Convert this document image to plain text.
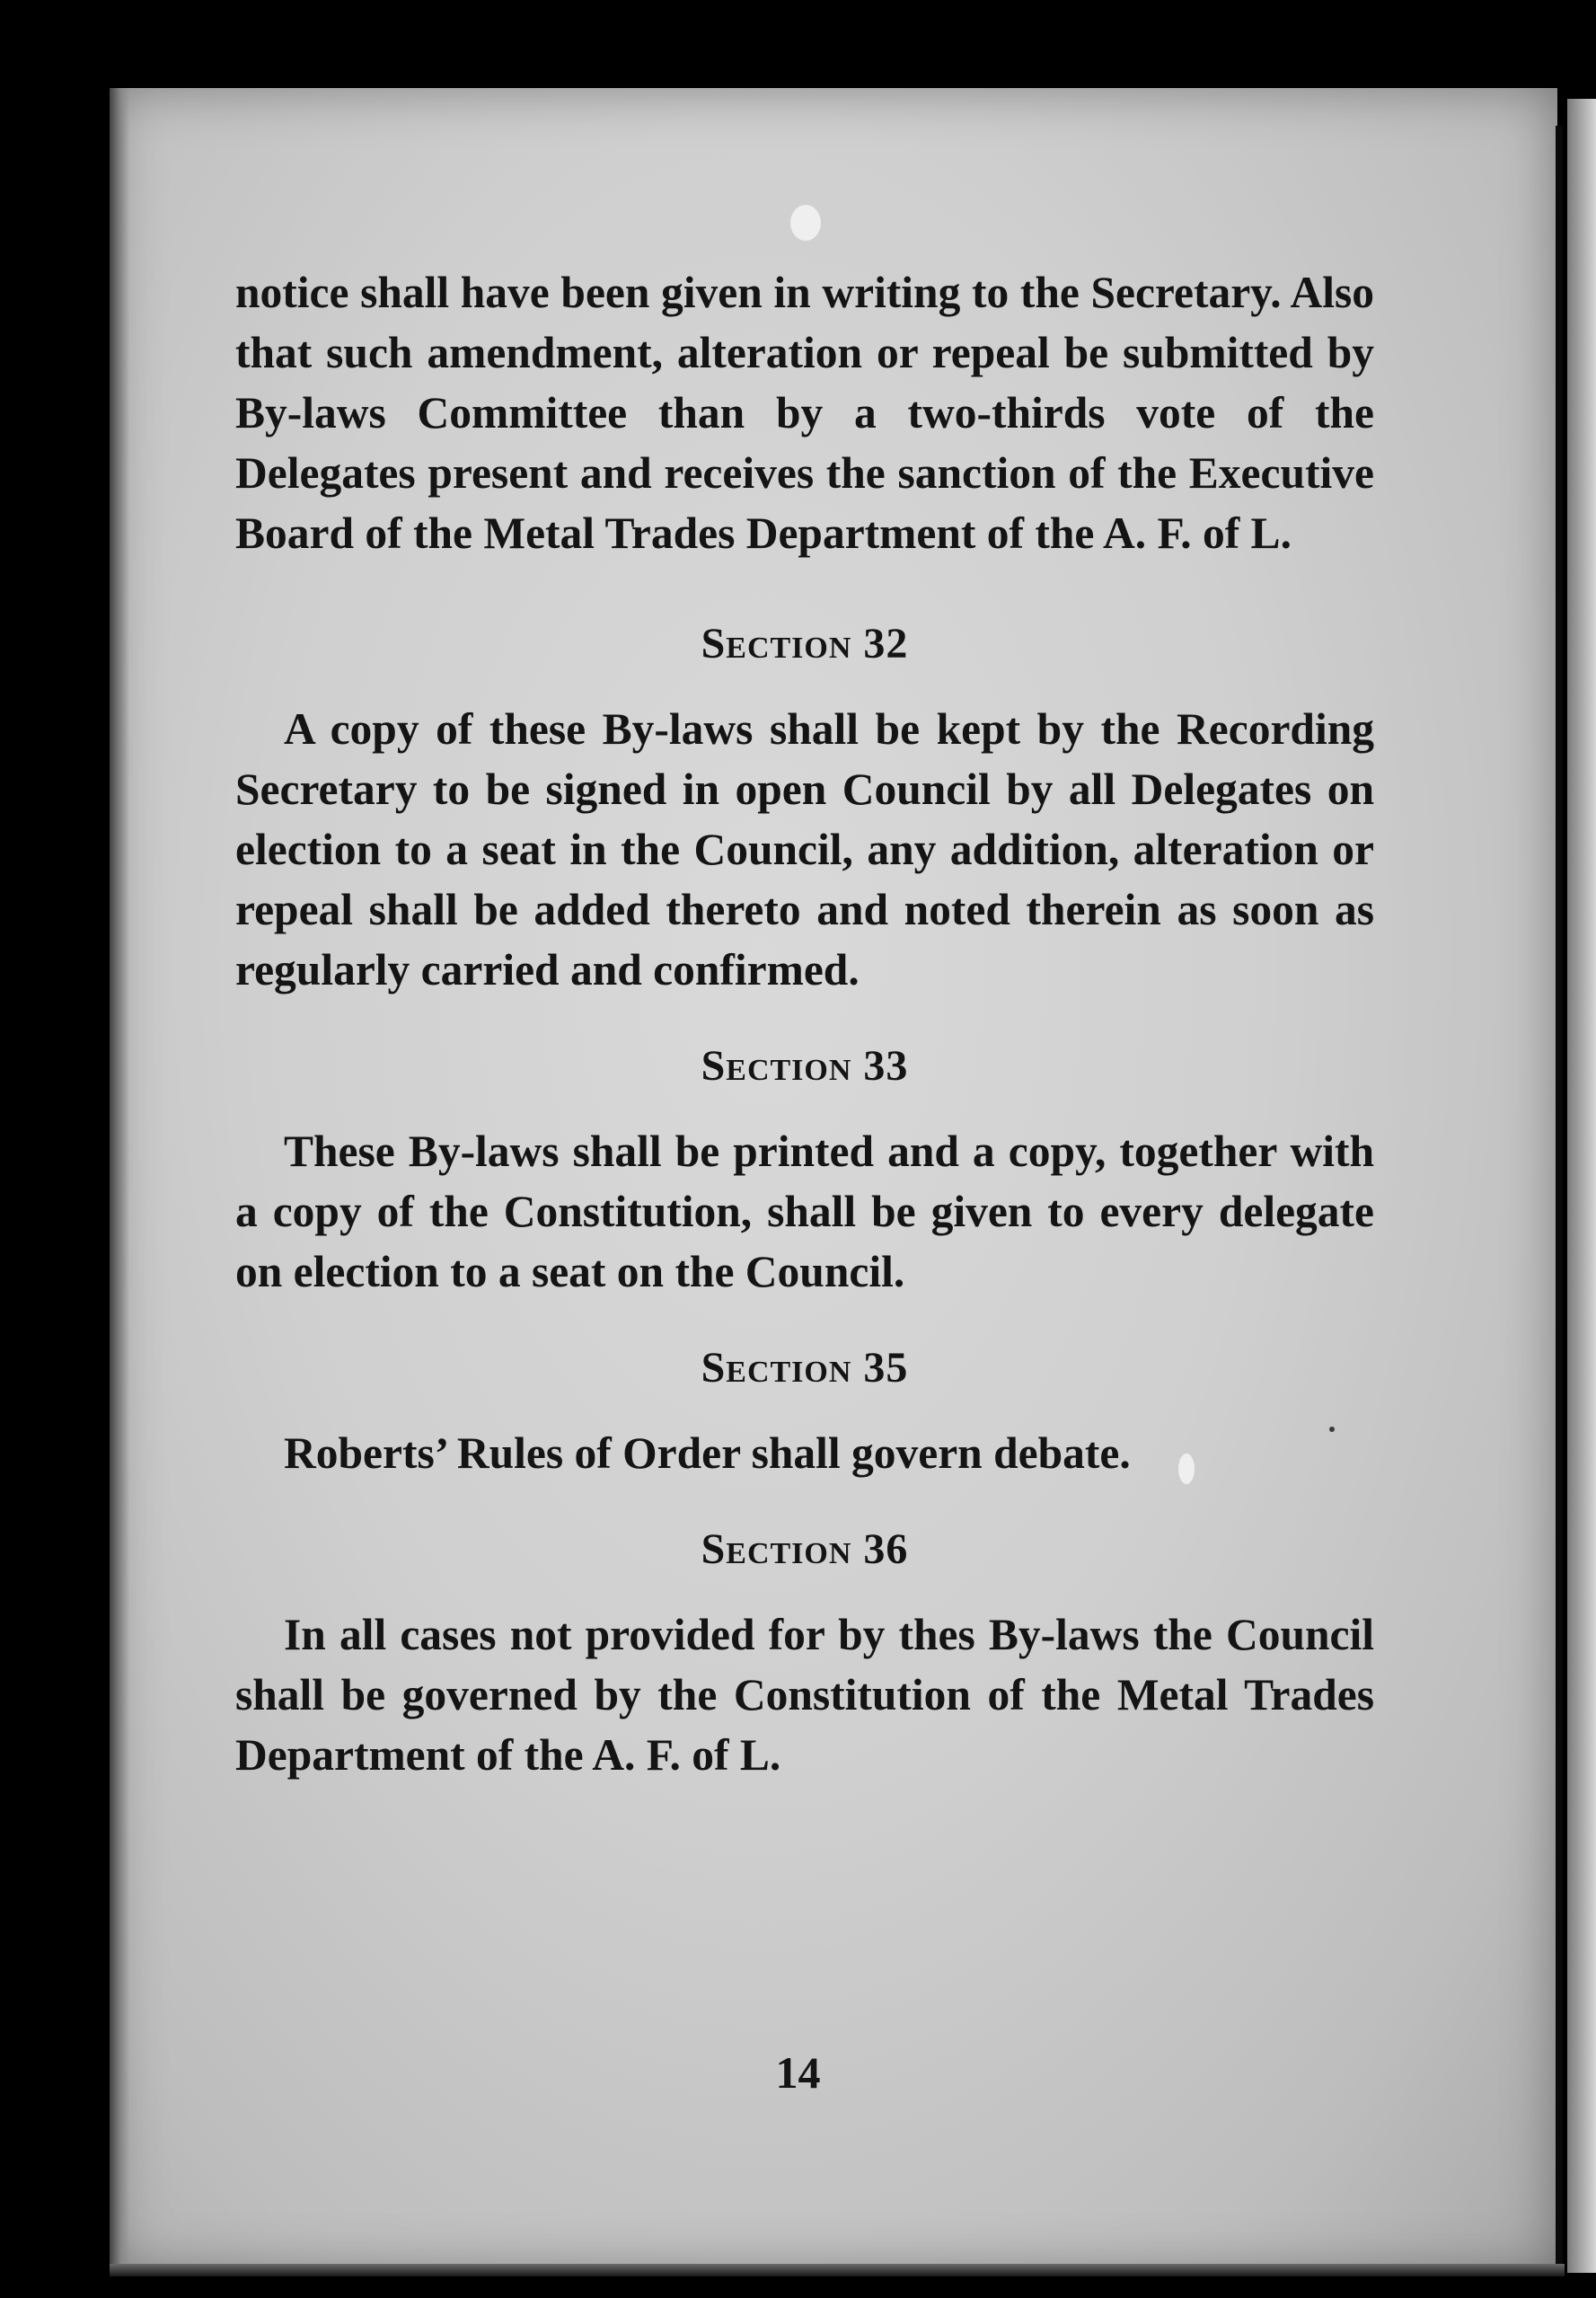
notice shall have been given in writing to the Secretary. Also that such amendment, alteration or repeal be submitted by By-laws Committee than by a two-thirds vote of the Delegates present and receives the sanction of the Executive Board of the Metal Trades Department of the A. F. of L.

Section 32

A copy of these By-laws shall be kept by the Recording Secretary to be signed in open Council by all Delegates on election to a seat in the Council, any addition, alteration or repeal shall be added thereto and noted therein as soon as regularly carried and confirmed.

Section 33

These By-laws shall be printed and a copy, together with a copy of the Constitution, shall be given to every delegate on election to a seat on the Council.

Section 35

Roberts’ Rules of Order shall govern debate.

Section 36

In all cases not provided for by thes By-laws the Council shall be governed by the Constitution of the Metal Trades Department of the A. F. of L.

14
